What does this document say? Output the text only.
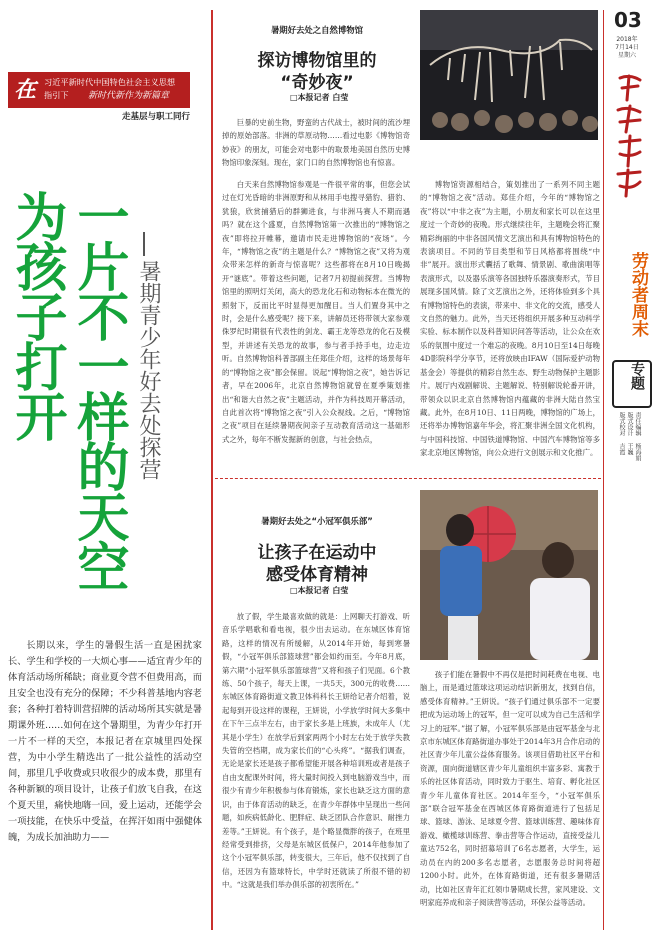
在 习近平新时代中国特色社会主义思想
指引下	新时代新作为新篇章
走基层与职工同行
为孩子打开 一片不一样的天空 暑期青少年好去处探营

长期以来，学生的暑假生活一直是困扰家长、学生和学校的一大烦心事——适宜青少年的体育活动场所稀缺；商业夏令营不但费用高，而且安全也没有充分的保障；不少科普基地内容老套；各种打着特训营招牌的活动场所其实就是暑期课外班……如何在这个暑期里，为青少年打开一片不一样的天空，本报记者在京城里四处探营，为中小学生精选出了一批公益性的活动空间，那里几乎收费或只收很少的成本费，那里有各种新颖的项目设计，让孩子们放飞自我，在这个夏天里，痛快地嗨一回，爱上运动，还能学会一项技能，在快乐中受益，在挥汗如雨中强健体魄，为成长加油助力——

暑期好去处之自然博物馆
探访博物馆里的
“奇妙夜”
□本报记者 白莹

巨暴的史前生物，野蛮的古代战士，被时间的流沙埋掉的原始部落。非洲的草原动物……看过电影《博物馆奇妙夜》的朋友，可能会对电影中的取景地美国自然历史博物馆印象深刻。现在，家门口的自然博物馆也有惊喜。

白天来自然博物馆参观是一件很平常的事，但您会试过在灯光昏暗的非洲原野和从林用手电搜寻猎豹、猎豹、犹狼，欣赏捕猎后的群狮进食，与非洲马赛人不期而遇吗？就在这个盛夏，自然博物馆第一次推出的“博物馆之夜”即将拉开帷幕，邀请市民走进博物馆的“夜场”。今年，“博物馆之夜”的主题是什么？“博物馆之夜”又将为观众带来怎样的新奇与惊喜呢？这些都将在8月10日晚揭开“谜底”。带着这些问题，记者7月初提前探营。当博物馆里的照明灯关闭，高大的恐龙化石和动物标本在微光的照射下，反而比平时显得更加醒目。当人们置身其中之时，会是什么感受呢？接下来，讲解员还将带领大家参观侏罗纪时期很有代表性的剑龙、霸王龙等恐龙的化石及模型，并讲述有关恐龙的故事，参与者手持手电，边走边听。自然博物馆科普部副主任郑佳介绍，这样的场景每年的“博物馆之夜”都会保留。说起“博物馆之夜”，她告诉记者，早在2006年，北京自然博物馆就曾在夏季策划推出“和谐大自然之夜”主题活动，并作为科技周开幕活动，自此首次将“博物馆之夜”引入公众视线。之后，“博物馆之夜”项目在延续暑期夜间亲子互动教育活动这一基础形式之外，每年不断发掘新的创意，与社会热点，

博物馆资源相结合，策划推出了一系列不同主题的“博物馆之夜”活动。郑佳介绍，今年的“博物馆之夜”将以“中非之夜”为主题，小朋友和家长可以在这里度过一个奇妙的夜晚。形式继续往年，主题晚会将汇聚精彩绚丽的中非各国风情文艺演出和具有博物馆特色的表演项目。不同的节目类型和节日风格都将围绕“中非”展开。演出形式囊括了歌舞、情景剧、歌曲演唱等表演形式，以及器乐演等各国独特乐器演奏形式，节目展现多国风情。除了文艺演出之外，还将体验到多个具有博物馆特色的表演，带来中、非文化的交流，感受人文自然的魅力。此外，当天还将组织开展多种互动科学实验、标本制作以及科普知识问答等活动，让公众在欢乐的氛围中度过一个难忘的夜晚。8月10日至14日每晚4D影院科学分享节，还将放映由IFAW（国际爱护动物基金会）等提供的精彩自然生态、野生动物保护主题影片。展厅内戏剧解说、主题解说、特别解说轮番开讲，带领众以识北京自然博物馆内蕴藏的非洲大陆自然宝藏。此外，在8月10日、11日两晚，博物馆的广场上，还将举办博物馆嘉年华会，将汇聚非洲全国文化机构，与中国科技馆、中国铁道博物馆、中国汽车博物馆等多家北京地区博物馆，向公众进行文创展示和文化推广。

暑期好去处之“小冠军俱乐部”
让孩子在运动中
感受体育精神
□本报记者 白莹

放了假，学生最喜欢做的就是：上网聊天打游戏、听音乐学唱歌和看电视，很少出去运动。在东城区体育馆路，这样的情况有所缓解，从2014年开始，每到寒暑假，“小冠军俱乐部篮球营”都会如约而至。今年8月底，第六期“小冠军俱乐部篮球营”又将和孩子们见面。6个教练、50个孩子，每天上课，一共5天，300元的收费……东城区体育路街道文教卫体科科长王妍给记者介绍着，说起每到开设这样的课程，王妍说，小学放学时间大多集中在下午三点半左右，由于家长多是上班族，未成年人（尤其是小学生）在放学后到家两两个小时左右处于放学失教失管的空档期，成为家长们的“心头疼”。“据我们调查，无论是家长还是孩子都希望能开展各种培训班或者是孩子自由支配课外时间，将大量时间投入到电脑游戏当中，而很少有青少年积极参与体育锻炼，家长也缺乏这方面的意识，由于体育活动的缺乏，在青少年群体中呈现出一些问题，如疾病低龄化、肥胖症、缺乏团队合作意识、耐挫力差等。”王妍说。有个孩子，是个略显微胖的孩子，在班里经常受到排挤，父母是东城区低保户，2014年他参加了这个小冠军俱乐部，转变很大，三年后，他不仅找到了自信，还因为有篮球特长，中学时还就读了所很不错的初中。“这就是我们举办俱乐部的初衷所在。”

孩子们能在暑假中不再仅是把时间耗费在电视、电脑上，而是通过篮球这项运动结识新朋友，找到自信，感受体育精神。”王妍说。“孩子们通过俱乐部不一定要把成为运动场上的冠军，但一定可以成为自己生活和学习上的冠军。”据了解，小冠军俱乐部是由冠军基金与北京市东城区体育路街道办事处于2014年3月合作启动的社区青少年儿童公益体育服务。该项目借助社区平台和资源，面向街道辖区青少年儿童组织丰富多彩、寓教于乐的社区体育活动，同时致力于驱生、培育、孵化社区青少年儿童体育社区。2014年至今，“小冠军俱乐部”联合冠军基金在西城区体育路街道进行了包括足球、篮球、游泳、足球夏令营、篮球训练营、趣味体育游戏、橄榄球训练营、拳击营等合作运动，直接受益儿童达752名，同时招募培训了6名志愿者，大学生，运动员在内的200多名志愿者，志愿服务总时间将超1200小时。此外，在体育路街道，还有很多暑期活动，比如社区青年汇红领巾暑期成长营，家风建设、文明家庭养成和亲子阅读营等活动，环保公益等活动。

03
2018年
7月14日
星期六
劳动者周末
专题
责任编辑 杨海娟
版式设计 王巍
版式校对 吉霞
